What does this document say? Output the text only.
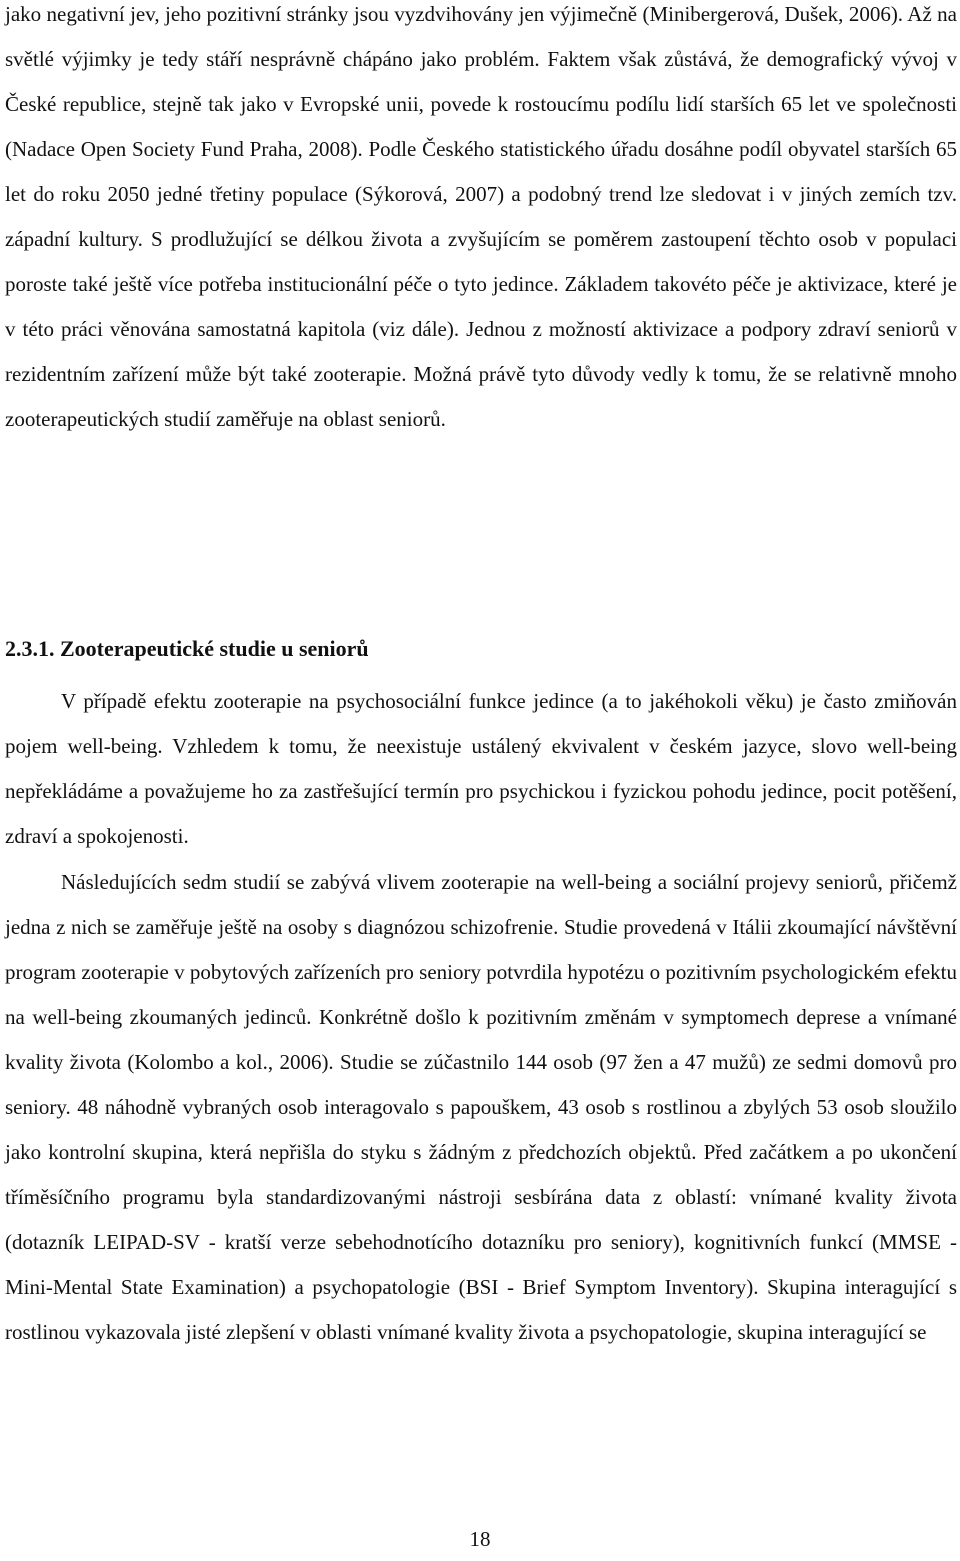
jako negativní jev, jeho pozitivní stránky jsou vyzdvihovány jen výjimečně (Minibergerová, Dušek, 2006). Až na světlé výjimky je tedy stáří nesprávně chápáno jako problém. Faktem však zůstává, že demografický vývoj v České republice, stejně tak jako v Evropské unii, povede k rostoucímu podílu lidí starších 65 let ve společnosti (Nadace Open Society Fund Praha, 2008). Podle Českého statistického úřadu dosáhne podíl obyvatel starších 65 let do roku 2050 jedné třetiny populace (Sýkorová, 2007) a podobný trend lze sledovat i v jiných zemích tzv. západní kultury. S prodlužující se délkou života a zvyšujícím se poměrem zastoupení těchto osob v populaci poroste také ještě více potřeba institucionální péče o tyto jedince. Základem takovéto péče je aktivizace, které je v této práci věnována samostatná kapitola (viz dále). Jednou z možností aktivizace a podpory zdraví seniorů v rezidentním zařízení může být také zooterapie. Možná právě tyto důvody vedly k tomu, že se relativně mnoho zooterapeutických studií zaměřuje na oblast seniorů.

2.3.1. Zooterapeutické studie u seniorů

V případě efektu zooterapie na psychosociální funkce jedince (a to jakéhokoli věku) je často zmiňován pojem well-being. Vzhledem k tomu, že neexistuje ustálený ekvivalent v českém jazyce, slovo well-being nepřekládáme a považujeme ho za zastřešující termín pro psychickou i fyzickou pohodu jedince, pocit potěšení, zdraví a spokojenosti.

Následujících sedm studií se zabývá vlivem zooterapie na well-being a sociální projevy seniorů, přičemž jedna z nich se zaměřuje ještě na osoby s diagnózou schizofrenie. Studie provedená v Itálii zkoumající návštěvní program zooterapie v pobytových zařízeních pro seniory potvrdila hypotézu o pozitivním psychologickém efektu na well-being zkoumaných jedinců. Konkrétně došlo k pozitivním změnám v symptomech deprese a vnímané kvality života (Kolombo a kol., 2006). Studie se zúčastnilo 144 osob (97 žen a 47 mužů) ze sedmi domovů pro seniory. 48 náhodně vybraných osob interagovalo s papouškem, 43 osob s rostlinou a zbylých 53 osob sloužilo jako kontrolní skupina, která nepřišla do styku s žádným z předchozích objektů. Před začátkem a po ukončení tříměsíčního programu byla standardizovanými nástroji sesbírána data z oblastí: vnímané kvality života (dotazník LEIPAD-SV - kratší verze sebehodnotícího dotazníku pro seniory), kognitivních funkcí (MMSE - Mini-Mental State Examination) a psychopatologie (BSI - Brief Symptom Inventory). Skupina interagující s rostlinou vykazovala jisté zlepšení v oblasti vnímané kvality života a psychopatologie, skupina interagující se

18
